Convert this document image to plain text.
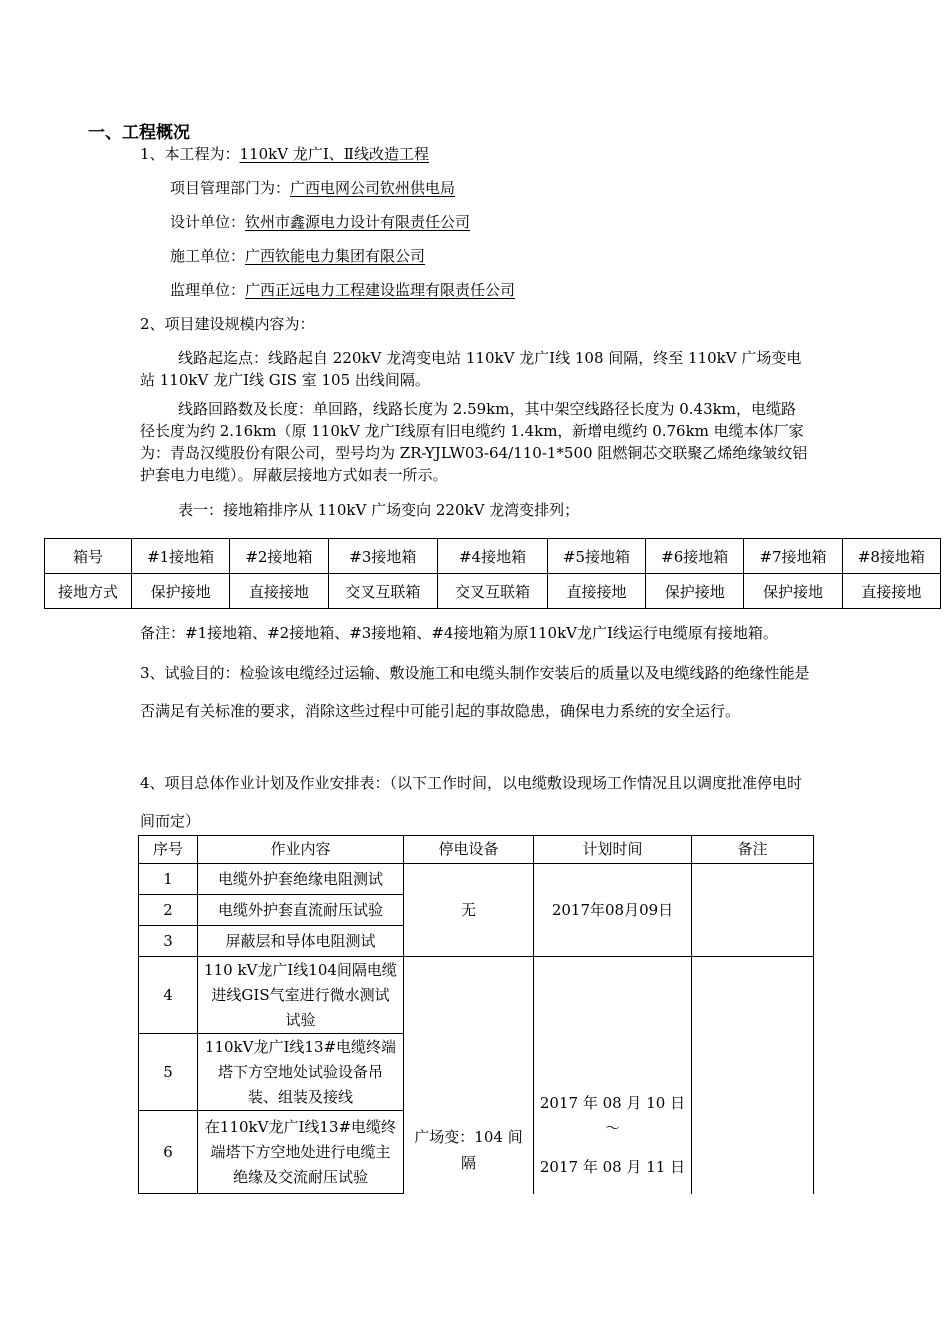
一、工程概况
1、本工程为：110kV 龙广Ⅰ、Ⅱ线改造工程
项目管理部门为：广西电网公司钦州供电局
设计单位：钦州市鑫源电力设计有限责任公司
施工单位：广西钦能电力集团有限公司
监理单位：广西正远电力工程建设监理有限责任公司
2、项目建设规模内容为：
线路起迄点：线路起自 220kV 龙湾变电站 110kV 龙广Ⅰ线 108 间隔，终至 110kV 广场变电站 110kV 龙广Ⅰ线 GIS 室 105 出线间隔。
线路回路数及长度：单回路，线路长度为 2.59km，其中架空线路径长度为 0.43km，电缆路径长度为约 2.16km（原 110kV 龙广Ⅰ线原有旧电缆约 1.4km，新增电缆约 0.76km 电缆本体厂家为：青岛汉缆股份有限公司，型号均为 ZR-YJLW03-64/110-1*500 阻燃铜芯交联聚乙烯绝缘皱纹铝护套电力电缆）。屏蔽层接地方式如表一所示。
表一：接地箱排序从 110kV 广场变向 220kV 龙湾变排列；
箱号	#1接地箱	#2接地箱	#3接地箱	#4接地箱	#5接地箱	#6接地箱	#7接地箱	#8接地箱
接地方式	保护接地	直接接地	交叉互联箱	交叉互联箱	直接接地	保护接地	保护接地	直接接地
备注：#1接地箱、#2接地箱、#3接地箱、#4接地箱为原110kV龙广Ⅰ线运行电缆原有接地箱。
3、试验目的：检验该电缆经过运输、敷设施工和电缆头制作安装后的质量以及电缆线路的绝缘性能是否满足有关标准的要求，消除这些过程中可能引起的事故隐患，确保电力系统的安全运行。
4、项目总体作业计划及作业安排表：（以下工作时间，以电缆敷设现场工作情况且以调度批准停电时间而定）
序号	作业内容	停电设备	计划时间	备注
1	电缆外护套绝缘电阻测试	无	2017年08月09日	
2	电缆外护套直流耐压试验			
3	屏蔽层和导体电阻测试			
4	110 kV龙广I线104间隔电缆进线GIS气室进行微水测试试验	广场变：104 间隔	2017 年 08 月 10 日
～
2017 年 08 月 11 日	

5	110kV龙广I线13#电缆终端塔下方空地处试验设备吊装、组装及接线			
6	在110kV龙广I线13#电缆终端塔下方空地处进行电缆主绝缘及交流耐压试验			
